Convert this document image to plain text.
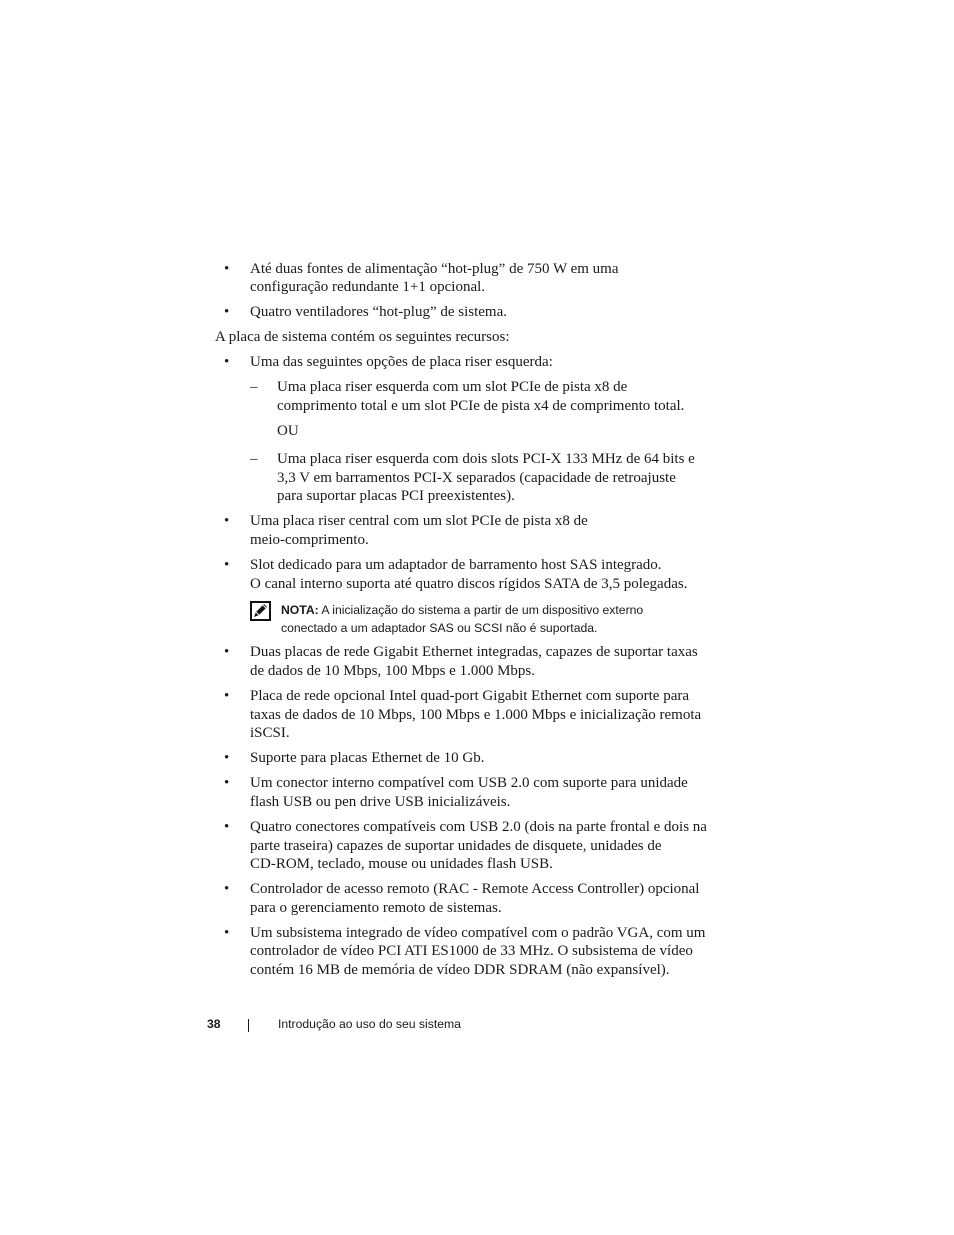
• Até duas fontes de alimentação “hot-plug” de 750 W em uma

configuração redundante 1+1 opcional.

• Quatro ventiladores “hot-plug” de sistema.

A placa de sistema contém os seguintes recursos:

• Uma das seguintes opções de placa riser esquerda:

– Uma placa riser esquerda com um slot PCIe de pista x8 de

comprimento total e um slot PCIe de pista x4 de comprimento total.

OU

– Uma placa riser esquerda com dois slots PCI-X 133 MHz de 64 bits e

3,3 V em barramentos PCI-X separados (capacidade de retroajuste

para suportar placas PCI preexistentes).

• Uma placa riser central com um slot PCIe de pista x8 de

meio-comprimento.

• Slot dedicado para um adaptador de barramento host SAS integrado.

O canal interno suporta até quatro discos rígidos SATA de 3,5 polegadas.

NOTA: A inicialização do sistema a partir de um dispositivo externo
conectado a um adaptador SAS ou SCSI não é suportada.
• Duas placas de rede Gigabit Ethernet integradas, capazes de suportar taxas

de dados de 10 Mbps, 100 Mbps e 1.000 Mbps.

• Placa de rede opcional Intel quad-port Gigabit Ethernet com suporte para

taxas de dados de 10 Mbps, 100 Mbps e 1.000 Mbps e inicialização remota

iSCSI.

• Suporte para placas Ethernet de 10 Gb.

• Um conector interno compatível com USB 2.0 com suporte para unidade

flash USB ou pen drive USB inicializáveis.

• Quatro conectores compatíveis com USB 2.0 (dois na parte frontal e dois na

parte traseira) capazes de suportar unidades de disquete, unidades de

CD-ROM, teclado, mouse ou unidades flash USB.

• Controlador de acesso remoto (RAC - Remote Access Controller) opcional

para o gerenciamento remoto de sistemas.

• Um subsistema integrado de vídeo compatível com o padrão VGA, com um

controlador de vídeo PCI ATI ES1000 de 33 MHz. O subsistema de vídeo

contém 16 MB de memória de vídeo DDR SDRAM (não expansível).

38	Introdução ao uso do seu sistema
